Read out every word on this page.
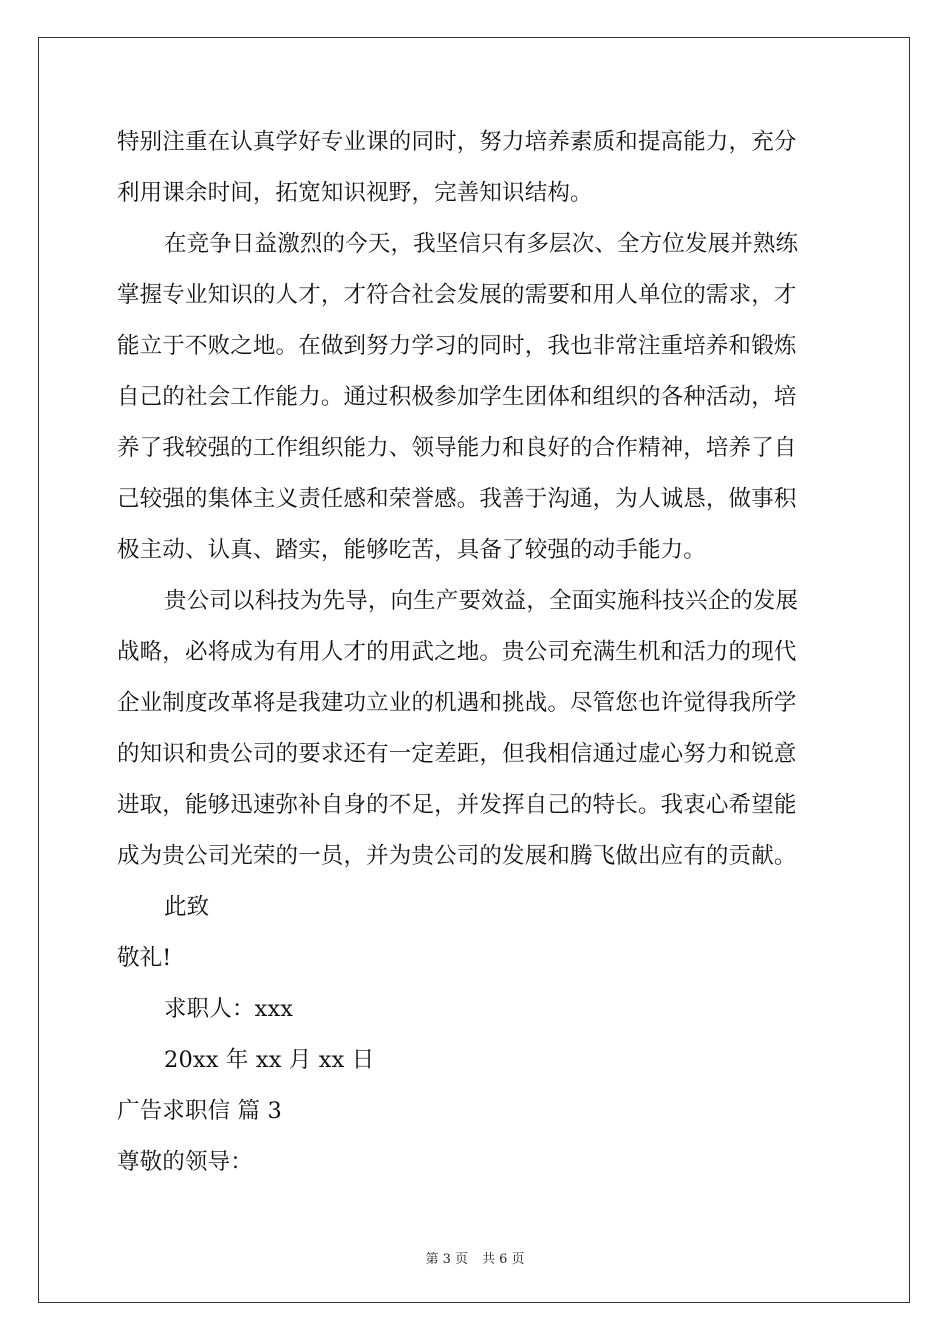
特别注重在认真学好专业课的同时，努力培养素质和提高能力，充分
利用课余时间，拓宽知识视野，完善知识结构。
在竞争日益激烈的今天，我坚信只有多层次、全方位发展并熟练
掌握专业知识的人才，才符合社会发展的需要和用人单位的需求，才
能立于不败之地。在做到努力学习的同时，我也非常注重培养和锻炼
自己的社会工作能力。通过积极参加学生团体和组织的各种活动，培
养了我较强的工作组织能力、领导能力和良好的合作精神，培养了自
己较强的集体主义责任感和荣誉感。我善于沟通，为人诚恳，做事积
极主动、认真、踏实，能够吃苦，具备了较强的动手能力。
贵公司以科技为先导，向生产要效益，全面实施科技兴企的发展
战略，必将成为有用人才的用武之地。贵公司充满生机和活力的现代
企业制度改革将是我建功立业的机遇和挑战。尽管您也许觉得我所学
的知识和贵公司的要求还有一定差距，但我相信通过虚心努力和锐意
进取，能够迅速弥补自身的不足，并发挥自己的特长。我衷心希望能
成为贵公司光荣的一员，并为贵公司的发展和腾飞做出应有的贡献。
此致
敬礼!
求职人：xxx
20xx 年 xx 月 xx 日
广告求职信 篇 3
尊敬的领导：
第 3 页 共 6 页
